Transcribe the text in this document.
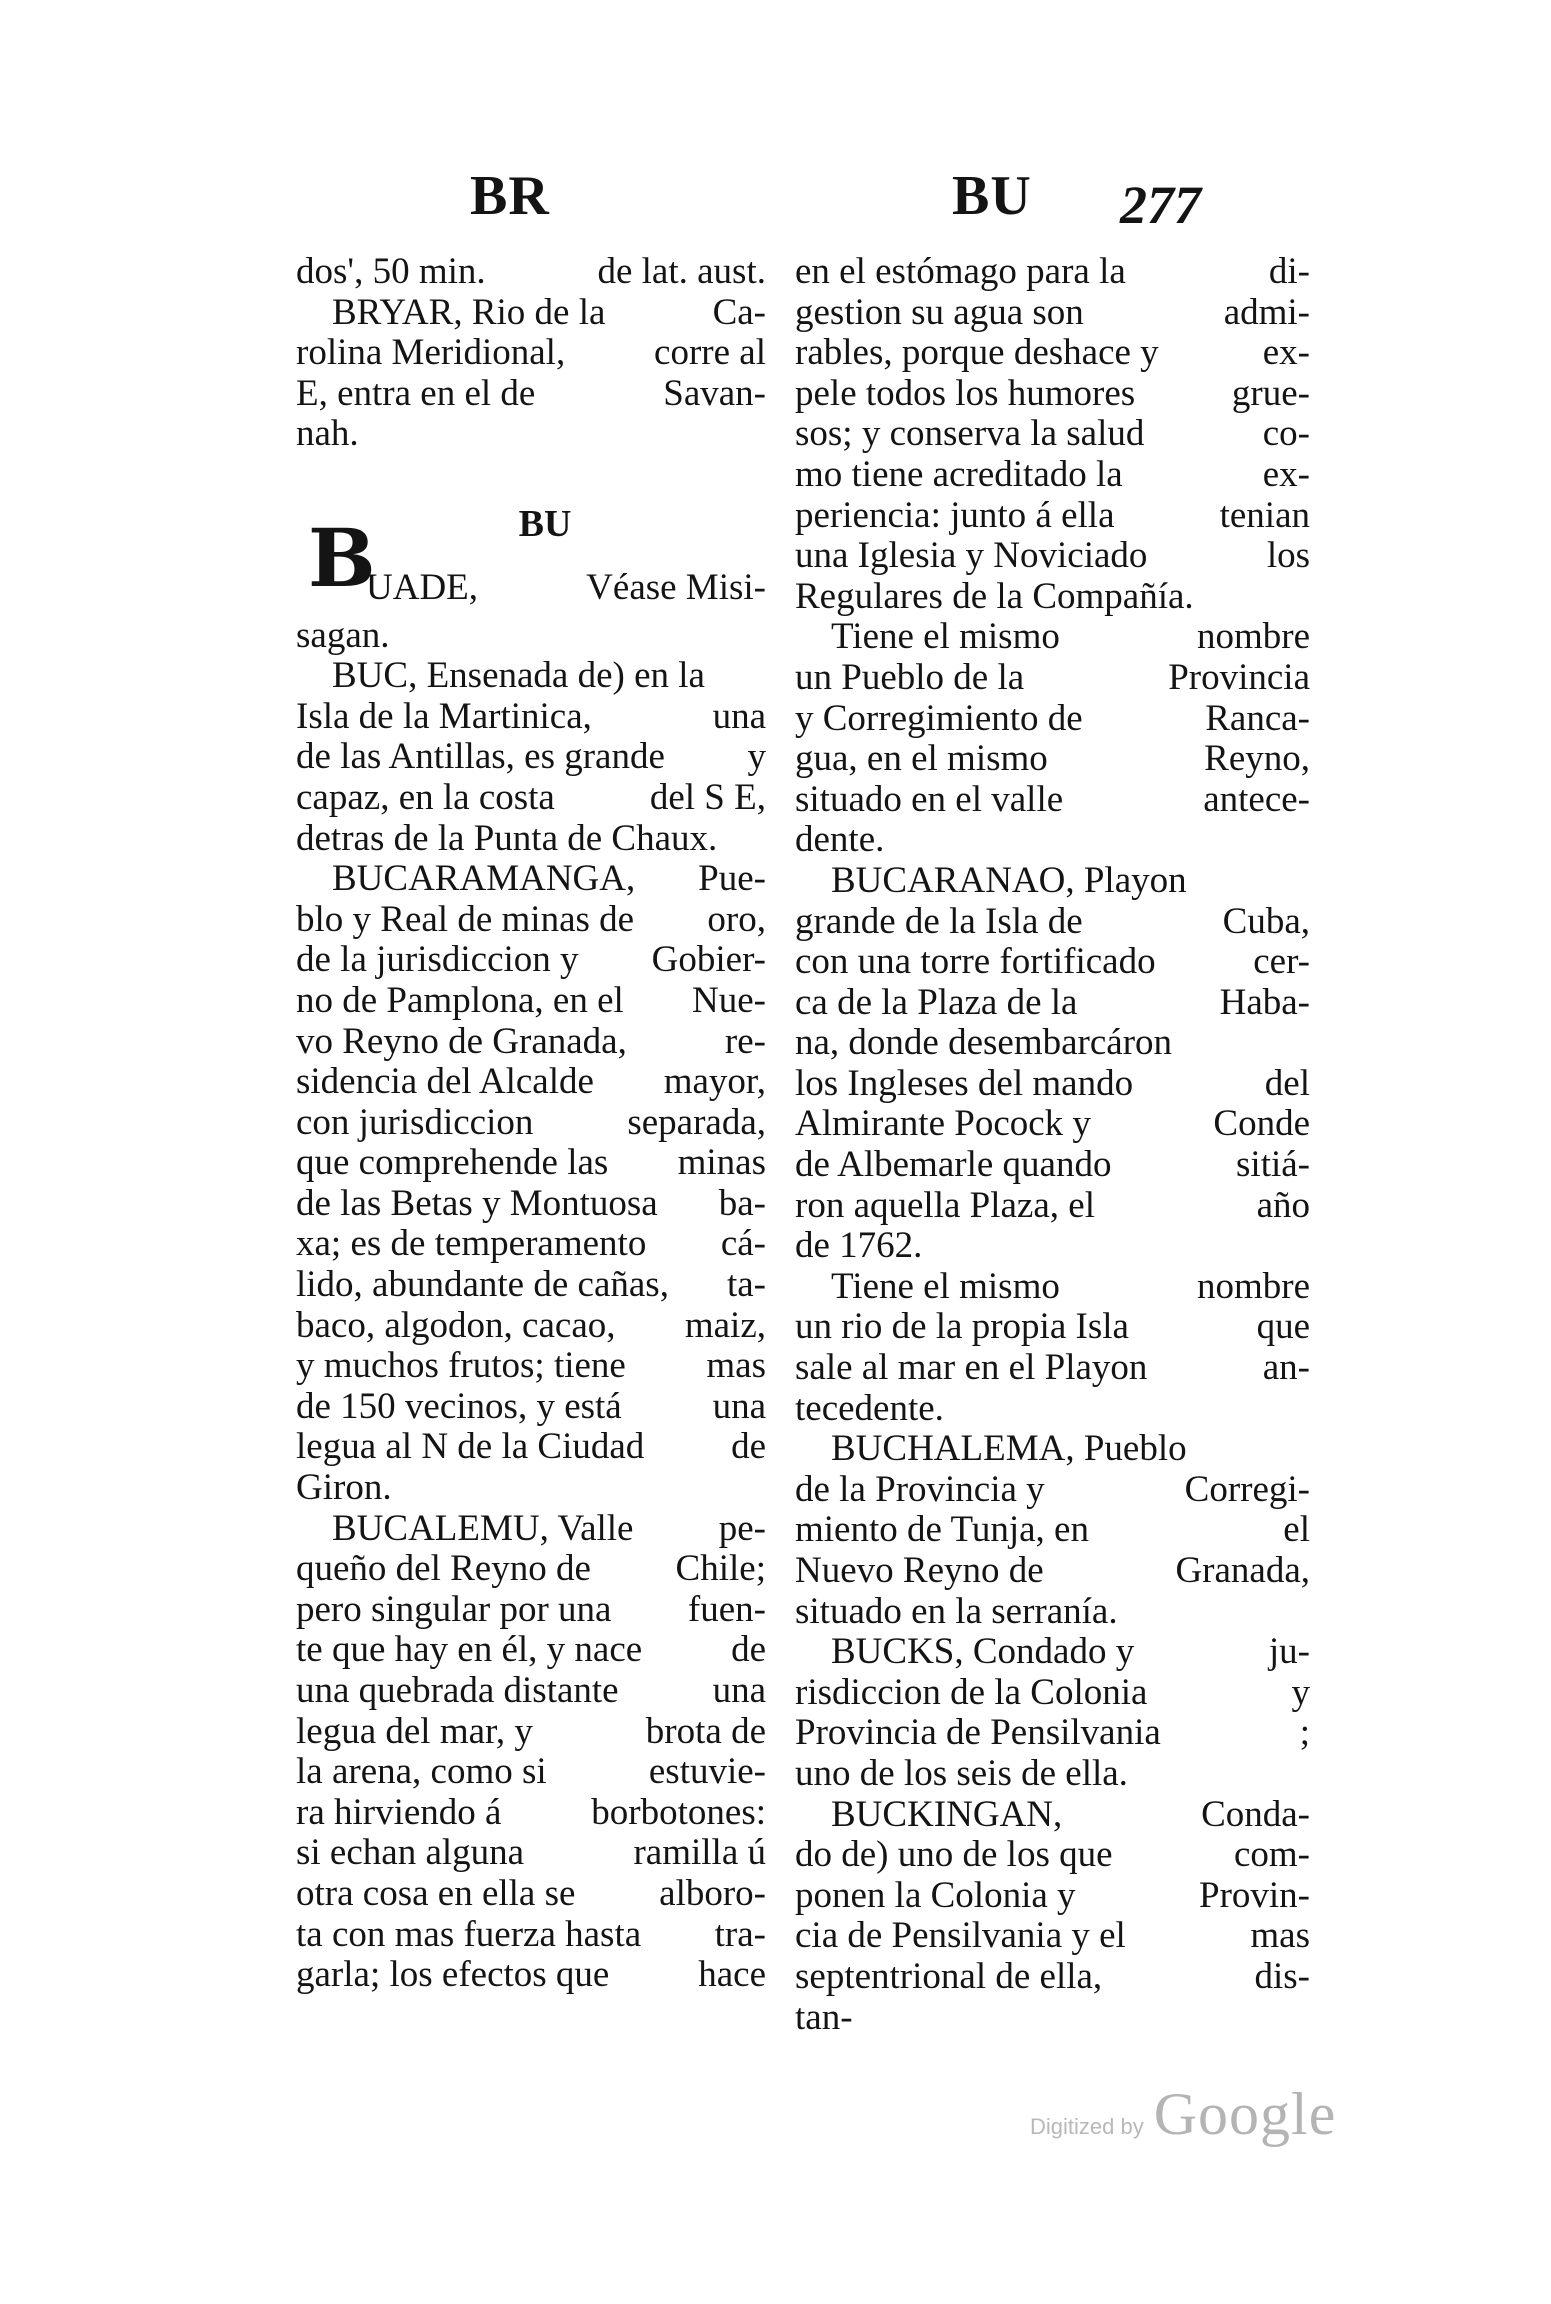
BR	BU 277
dos', 50 min.	de lat. aust.
BRYAR, Rio de la	Ca-
rolina Meridional, corre al
E, entra en el de	Savan-
nah.
BU
B
UADE,	Véase Misi-
sagan.
BUC, Ensenada de) en la
Isla de la Martinica,	una
de las Antillas, es grande y
capaz, en la costa	del S E,
detras de la Punta de Chaux.
BUCARAMANGA, Pue-
blo y Real de minas de oro,
de la jurisdiccion y Gobier-
no de Pamplona, en el Nue-
vo Reyno de Granada,	re-
sidencia del Alcalde mayor,
con jurisdiccion	separada,
que comprehende las minas
de las Betas y Montuosa ba-
xa; es de temperamento cá-
lido, abundante de cañas, ta-
baco, algodon, cacao, maiz,
y muchos frutos; tiene mas
de 150 vecinos, y está una
legua al N de la Ciudad de
Giron.
BUCALEMU, Valle pe-
queño del Reyno de Chile;
pero singular por una fuen-
te que hay en él, y nace de
una quebrada distante	una
legua del mar, y	brota de
la arena, como si	estuvie-
ra hirviendo á borbotones:
si echan alguna	ramilla ú
otra cosa en ella se alboro-
ta con mas fuerza hasta tra-
garla; los efectos que hace
en el estómago para la	di-
gestion su agua son	admi-
rables, porque deshace y	ex-
pele todos los humores	grue-
sos; y conserva la salud	co-
mo tiene acreditado la	ex-
periencia: junto á ella	tenian
una Iglesia y Noviciado	los
Regulares de la Compañía.
Tiene el mismo	nombre
un Pueblo de la	Provincia
y Corregimiento de	Ranca-
gua, en el mismo	Reyno,
situado en el valle	antece-
dente.
BUCARANAO, Playon
grande de la Isla de	Cuba,
con una torre fortificado	cer-
ca de la Plaza de la	Haba-
na, donde desembarcáron
los Ingleses del mando	del
Almirante Pocock y	Conde
de Albemarle quando	sitiá-
ron aquella Plaza, el	año
de 1762.
Tiene el mismo	nombre
un rio de la propia Isla	que
sale al mar en el Playon	an-
tecedente.
BUCHALEMA, Pueblo
de la Provincia y	Corregi-
miento de Tunja, en	el
Nuevo Reyno de	Granada,
situado en la serranía.
BUCKS, Condado y	ju-
risdiccion de la Colonia	y
Provincia de Pensilvania	;
uno de los seis de ella.
BUCKINGAN,	Conda-
do de) uno de los que	com-
ponen la Colonia y	Provin-
cia de Pensilvania y el	mas
septentrional de ella,	dis-
tan-
Digitized by Google
